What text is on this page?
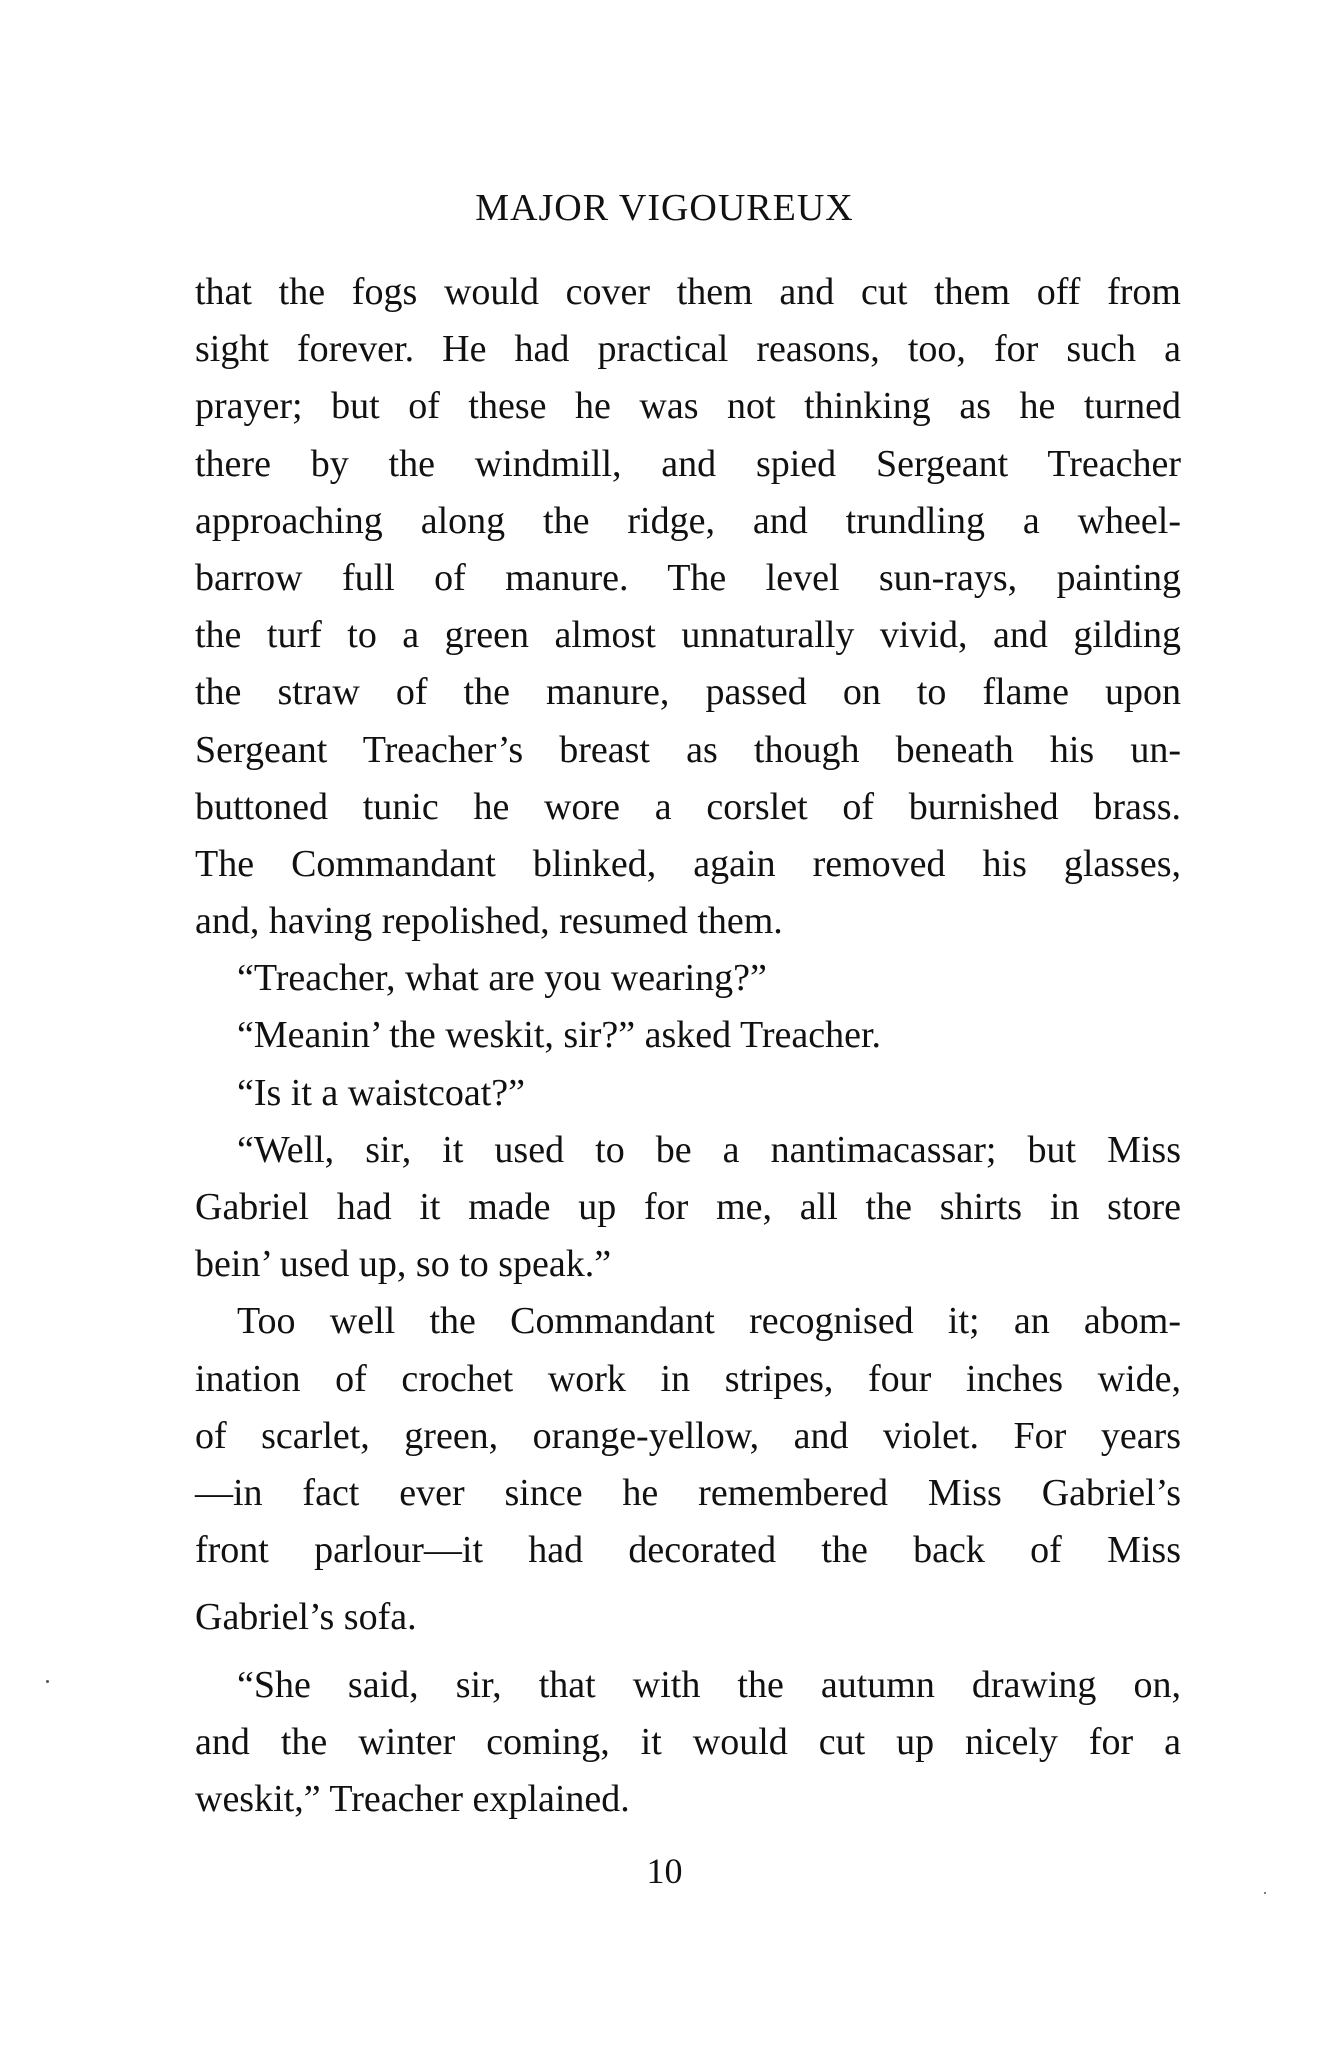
MAJOR VIGOUREUX
that the fogs would cover them and cut them off from
sight forever. He had practical reasons, too, for such a
prayer; but of these he was not thinking as he turned
there by the windmill, and spied Sergeant Treacher
approaching along the ridge, and trundling a wheel-
barrow full of manure. The level sun-rays, painting
the turf to a green almost unnaturally vivid, and gilding
the straw of the manure, passed on to flame upon
Sergeant Treacher’s breast as though beneath his un-
buttoned tunic he wore a corslet of burnished brass.
The Commandant blinked, again removed his glasses,
and, having repolished, resumed them.
“Treacher, what are you wearing?”
“Meanin’ the weskit, sir?” asked Treacher.
“Is it a waistcoat?”
“Well, sir, it used to be a nantimacassar; but Miss
Gabriel had it made up for me, all the shirts in store
bein’ used up, so to speak.”
Too well the Commandant recognised it; an abom-
ination of crochet work in stripes, four inches wide,
of scarlet, green, orange-yellow, and violet. For years
—in fact ever since he remembered Miss Gabriel’s
front parlour—it had decorated the back of Miss
Gabriel’s sofa.
“She said, sir, that with the autumn drawing on,
and the winter coming, it would cut up nicely for a
weskit,” Treacher explained.
10
